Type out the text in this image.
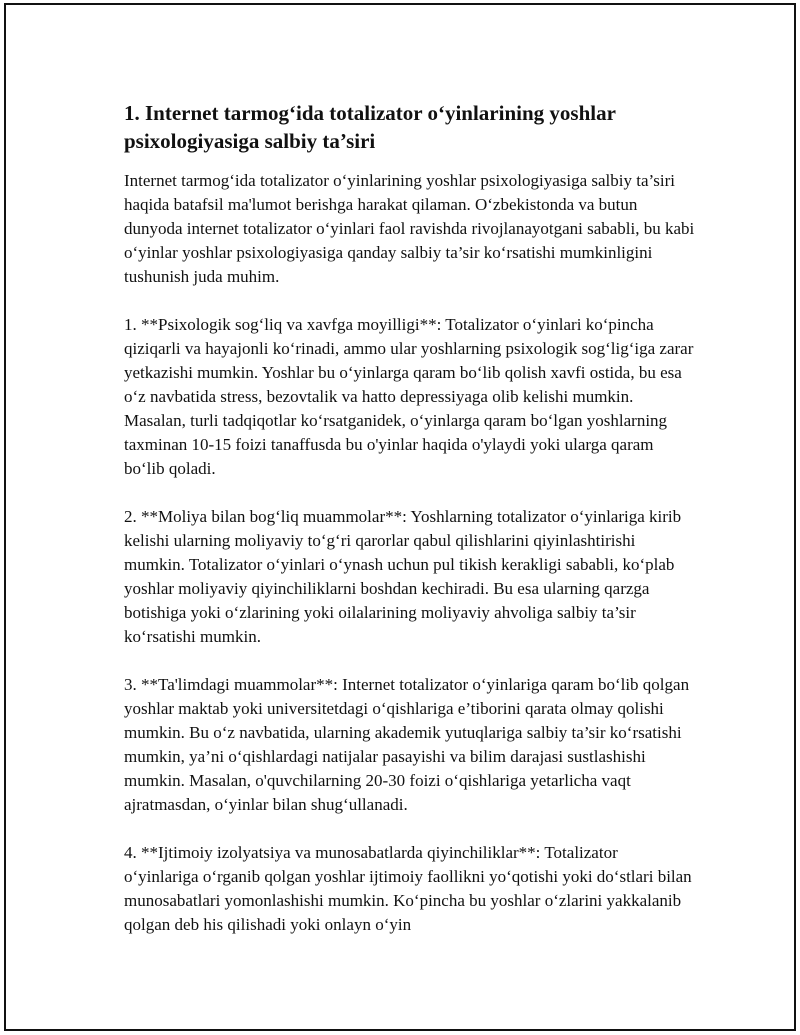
1. Internet tarmog‘ida totalizator o‘yinlarining yoshlar psixologiyasiga salbiy ta’siri

Internet tarmog‘ida totalizator o‘yinlarining yoshlar psixologiyasiga salbiy ta’siri haqida batafsil ma'lumot berishga harakat qilaman. O‘zbekistonda va butun dunyoda internet totalizator o‘yinlari faol ravishda rivojlanayotgani sababli, bu kabi o‘yinlar yoshlar psixologiyasiga qanday salbiy ta’sir ko‘rsatishi mumkinligini tushunish juda muhim.

1. **Psixologik sog‘liq va xavfga moyilligi**: Totalizator o‘yinlari ko‘pincha qiziqarli va hayajonli ko‘rinadi, ammo ular yoshlarning psixologik sog‘lig‘iga zarar yetkazishi mumkin. Yoshlar bu o‘yinlarga qaram bo‘lib qolish xavfi ostida, bu esa o‘z navbatida stress, bezovtalik va hatto depressiyaga olib kelishi mumkin. Masalan, turli tadqiqotlar ko‘rsatganidek, o‘yinlarga qaram bo‘lgan yoshlarning taxminan 10-15 foizi tanaffusda bu o'yinlar haqida o'ylaydi yoki ularga qaram bo‘lib qoladi.

2. **Moliya bilan bog‘liq muammolar**: Yoshlarning totalizator o‘yinlariga kirib kelishi ularning moliyaviy to‘g‘ri qarorlar qabul qilishlarini qiyinlashtirishi mumkin. Totalizator o‘yinlari o‘ynash uchun pul tikish kerakligi sababli, ko‘plab yoshlar moliyaviy qiyinchiliklarni boshdan kechiradi. Bu esa ularning qarzga botishiga yoki o‘zlarining yoki oilalarining moliyaviy ahvoliga salbiy ta’sir ko‘rsatishi mumkin.

3. **Ta'limdagi muammolar**: Internet totalizator o‘yinlariga qaram bo‘lib qolgan yoshlar maktab yoki universitetdagi o‘qishlariga e’tiborini qarata olmay qolishi mumkin. Bu o‘z navbatida, ularning akademik yutuqlariga salbiy ta’sir ko‘rsatishi mumkin, ya’ni o‘qishlardagi natijalar pasayishi va bilim darajasi sustlashishi mumkin. Masalan, o'quvchilarning 20-30 foizi o‘qishlariga yetarlicha vaqt ajratmasdan, o‘yinlar bilan shug‘ullanadi.

4. **Ijtimoiy izolyatsiya va munosabatlarda qiyinchiliklar**: Totalizator o‘yinlariga o‘rganib qolgan yoshlar ijtimoiy faollikni yo‘qotishi yoki do‘stlari bilan munosabatlari yomonlashishi mumkin. Ko‘pincha bu yoshlar o‘zlarini yakkalanib qolgan deb his qilishadi yoki onlayn o‘yin
